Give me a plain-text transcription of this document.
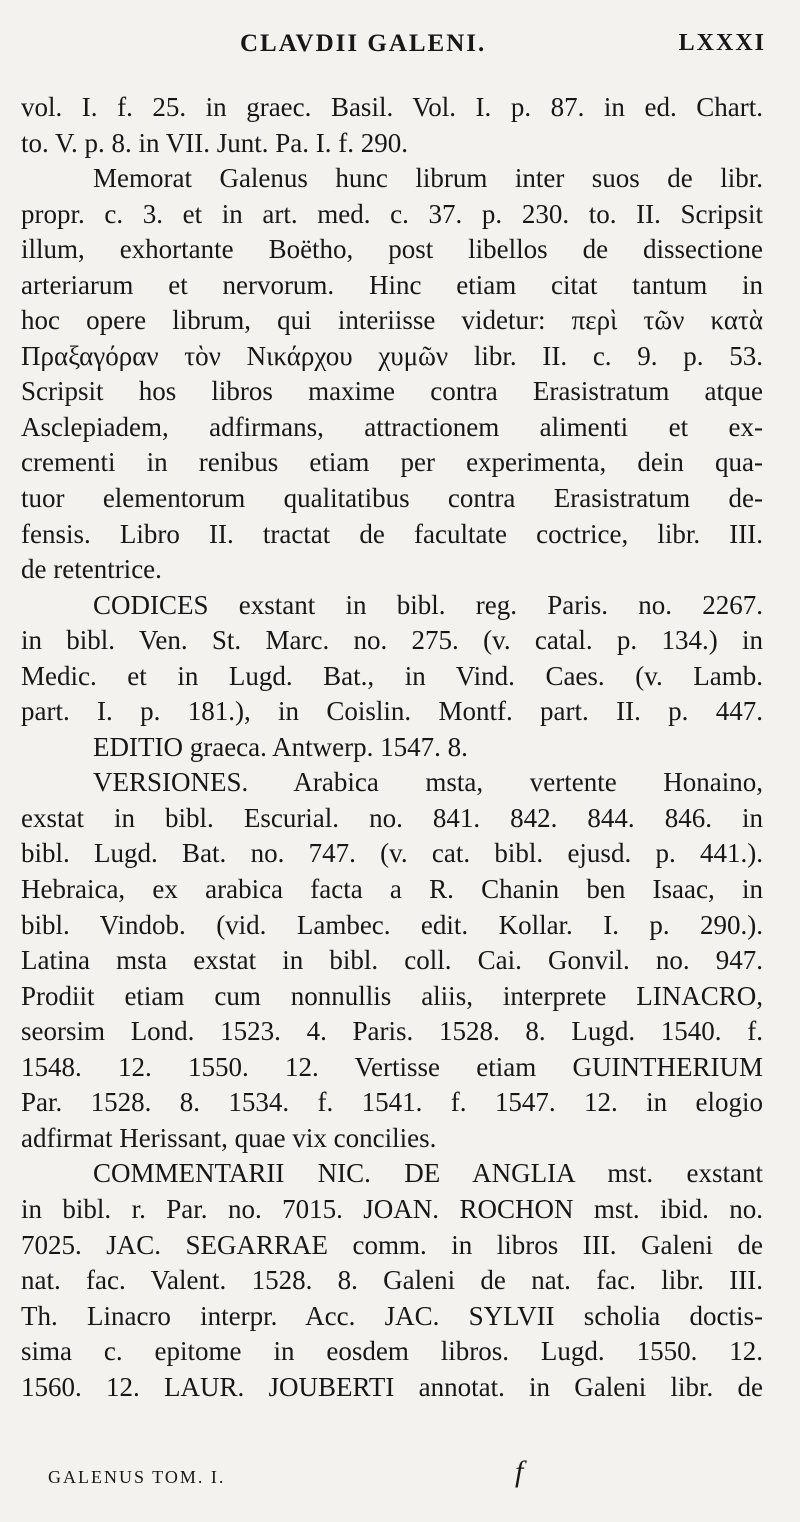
CLAVDII GALENI.	LXXXI
vol. I. f. 25. in graec. Basil. Vol. I. p. 87. in ed. Chart.
to. V. p. 8. in VII. Junt. Pa. I. f. 290.
Memorat Galenus hunc librum inter suos de libr.
propr. c. 3. et in art. med. c. 37. p. 230. to. II. Scripsit
illum, exhortante Boëtho, post libellos de dissectione
arteriarum et nervorum. Hinc etiam citat tantum in
hoc opere librum, qui interiisse videtur: περὶ τῶν κατὰ
Πραξαγόραν τὸν Νικάρχου χυμῶν libr. II. c. 9. p. 53.
Scripsit hos libros maxime contra Erasistratum atque
Asclepiadem, adfirmans, attractionem alimenti et ex-
crementi in renibus etiam per experimenta, dein qua-
tuor elementorum qualitatibus contra Erasistratum de-
fensis. Libro II. tractat de facultate coctrice, libr. III.
de retentrice.
CODICES exstant in bibl. reg. Paris. no. 2267.
in bibl. Ven. St. Marc. no. 275. (v. catal. p. 134.) in
Medic. et in Lugd. Bat., in Vind. Caes. (v. Lamb.
part. I. p. 181.), in Coislin. Montf. part. II. p. 447.
EDITIO graeca. Antwerp. 1547. 8.
VERSIONES. Arabica msta, vertente Honaino,
exstat in bibl. Escurial. no. 841. 842. 844. 846. in
bibl. Lugd. Bat. no. 747. (v. cat. bibl. ejusd. p. 441.).
Hebraica, ex arabica facta a R. Chanin ben Isaac, in
bibl. Vindob. (vid. Lambec. edit. Kollar. I. p. 290.).
Latina msta exstat in bibl. coll. Cai. Gonvil. no. 947.
Prodiit etiam cum nonnullis aliis, interprete LINACRO,
seorsim Lond. 1523. 4. Paris. 1528. 8. Lugd. 1540. f.
1548. 12. 1550. 12. Vertisse etiam GUINTHERIUM
Par. 1528. 8. 1534. f. 1541. f. 1547. 12. in elogio
adfirmat Herissant, quae vix concilies.
COMMENTARII NIC. DE ANGLIA mst. exstant
in bibl. r. Par. no. 7015. JOAN. ROCHON mst. ibid. no.
7025. JAC. SEGARRAE comm. in libros III. Galeni de
nat. fac. Valent. 1528. 8. Galeni de nat. fac. libr. III.
Th. Linacro interpr. Acc. JAC. SYLVII scholia doctis-
sima c. epitome in eosdem libros. Lugd. 1550. 12.
1560. 12. LAUR. JOUBERTI annotat. in Galeni libr. de
GALENUS TOM. I.	f
